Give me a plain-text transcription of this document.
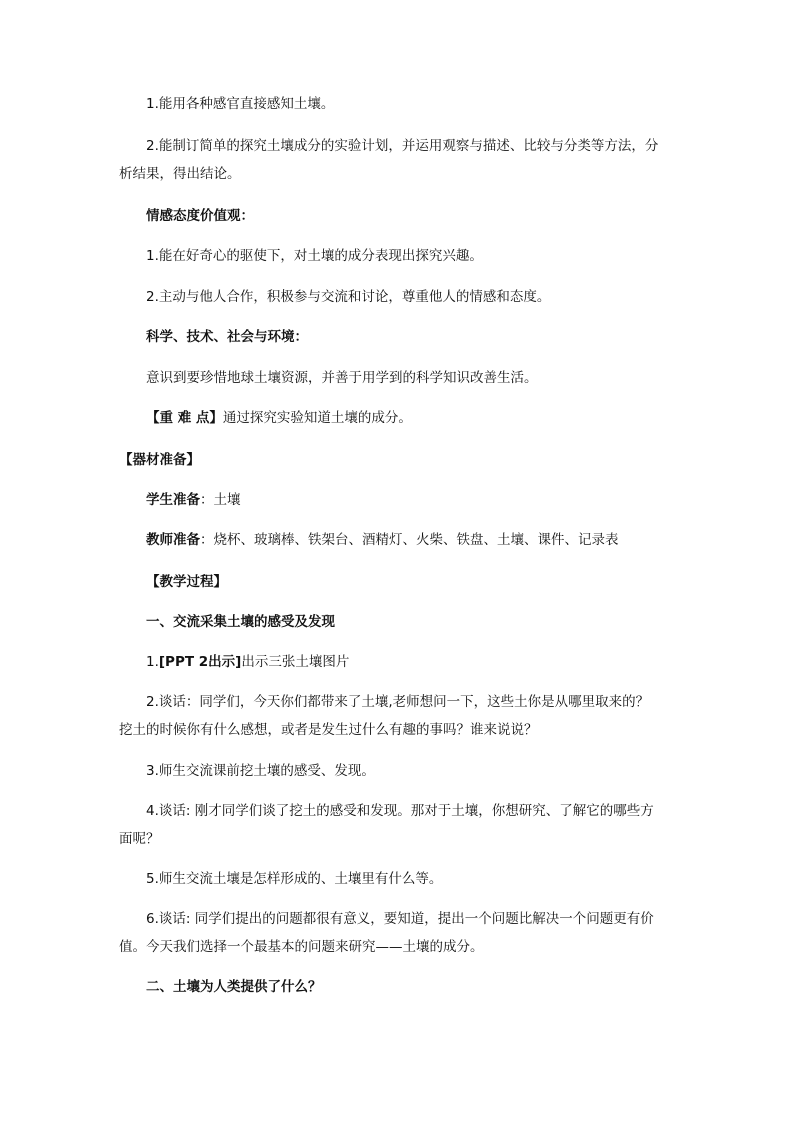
1.能用各种感官直接感知土壤。
2.能制订简单的探究土壤成分的实验计划，并运用观察与描述、比较与分类等方法，分
析结果，得出结论。
情感态度价值观：
1.能在好奇心的驱使下，对土壤的成分表现出探究兴趣。
2.主动与他人合作，积极参与交流和讨论，尊重他人的情感和态度。
科学、技术、社会与环境：
意识到要珍惜地球土壤资源，并善于用学到的科学知识改善生活。
【重 难 点】通过探究实验知道土壤的成分。
【器材准备】
学生准备：土壤
教师准备：烧杯、玻璃棒、铁架台、酒精灯、火柴、铁盘、土壤、课件、记录表
【教学过程】
一、交流采集土壤的感受及发现
1.[PPT 2出示]出示三张土壤图片
2.谈话：同学们，今天你们都带来了土壤,老师想问一下，这些土你是从哪里取来的？
挖土的时候你有什么感想，或者是发生过什么有趣的事吗？谁来说说？
3.师生交流课前挖土壤的感受、发现。
4.谈话: 刚才同学们谈了挖土的感受和发现。那对于土壤，你想研究、了解它的哪些方
面呢？
5.师生交流土壤是怎样形成的、土壤里有什么等。
6.谈话: 同学们提出的问题都很有意义，要知道，提出一个问题比解决一个问题更有价
值。今天我们选择一个最基本的问题来研究——土壤的成分。
二、土壤为人类提供了什么？
